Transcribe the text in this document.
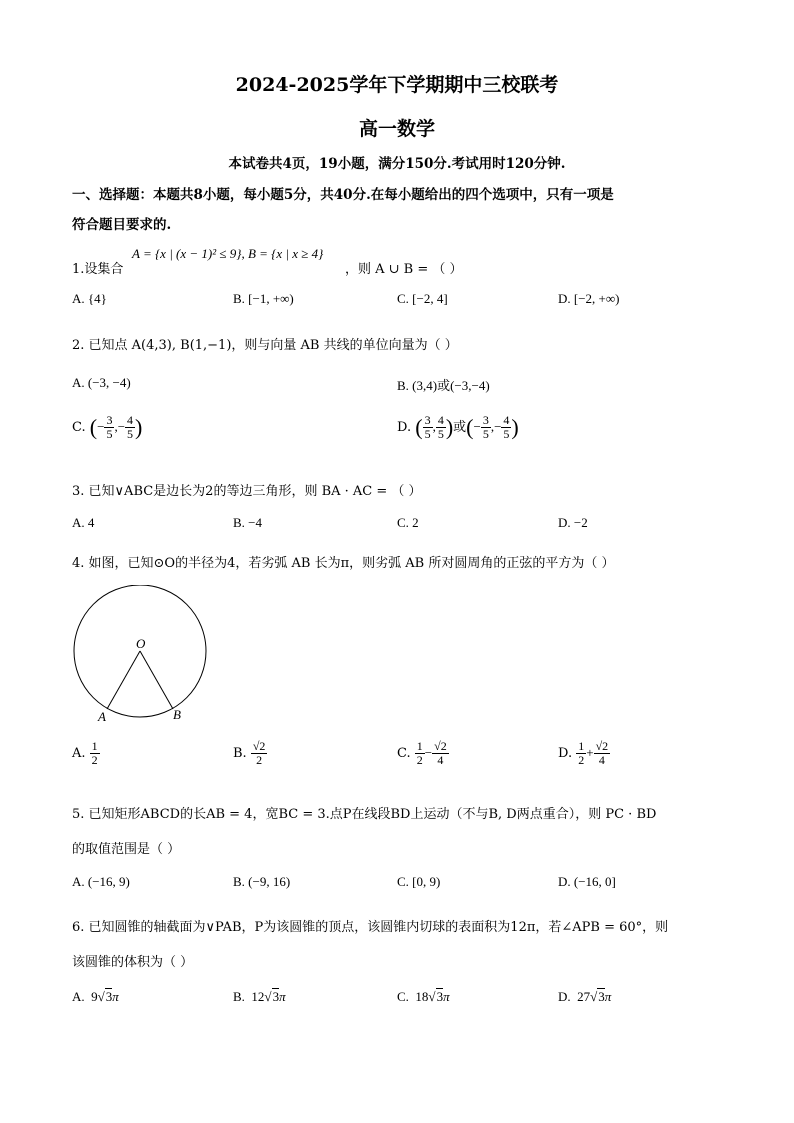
2024-2025学年下学期期中三校联考
高一数学
本试卷共4页，19小题，满分150分.考试用时120分钟.
一、选择题：本题共8小题，每小题5分，共40分.在每小题给出的四个选项中，只有一项是
符合题目要求的.
1.设集合
A = {x | (x − 1)² ≤ 9}, B = {x | x ≥ 4}
，则 A ∪ B = （ ）
A. {4}	B. [−1, +∞)	C. [−2, 4]	D. [−2, +∞)
2. 已知点 A(4,3), B(1,−1)，则与向量 AB 共线的单位向量为（ ）
A. (−3, −4)	B. (3,4)或(−3,−4)
C. (− $\frac{3}{5}$ ,− $\frac{4}{5}$ )	D. ( $\frac{3}{5}$ , $\frac{4}{5}$ )或(− $\frac{3}{5}$ ,− $\frac{4}{5}$ )
3. 已知∨ABC是边长为2的等边三角形，则 BA · AC = （ ）
A. 4	B. −4	C. 2	D. −2
4. 如图，已知⊙O的半径为4，若劣弧 AB 长为π，则劣弧 AB 所对圆周角的正弦的平方为（ ）
O
A	B
A. $\frac{1}{2}$	B. $\frac{√2}{2}$	C. $\frac{1}{2} - \frac{√2}{4}$	D. $\frac{1}{2} + \frac{√2}{4}$
5. 已知矩形ABCD的长AB = 4，宽BC = 3.点P在线段BD上运动（不与B, D两点重合），则 PC · BD
的取值范围是（ ）
A. (−16, 9)	B. (−9, 16)	C. [0, 9)	D. (−16, 0]
6. 已知圆锥的轴截面为∨PAB，P为该圆锥的顶点，该圆锥内切球的表面积为12π，若∠APB = 60°，则
该圆锥的体积为（ ）
A. 9√3π	B. 12√3π	C. 18√3π	D. 27√3π
